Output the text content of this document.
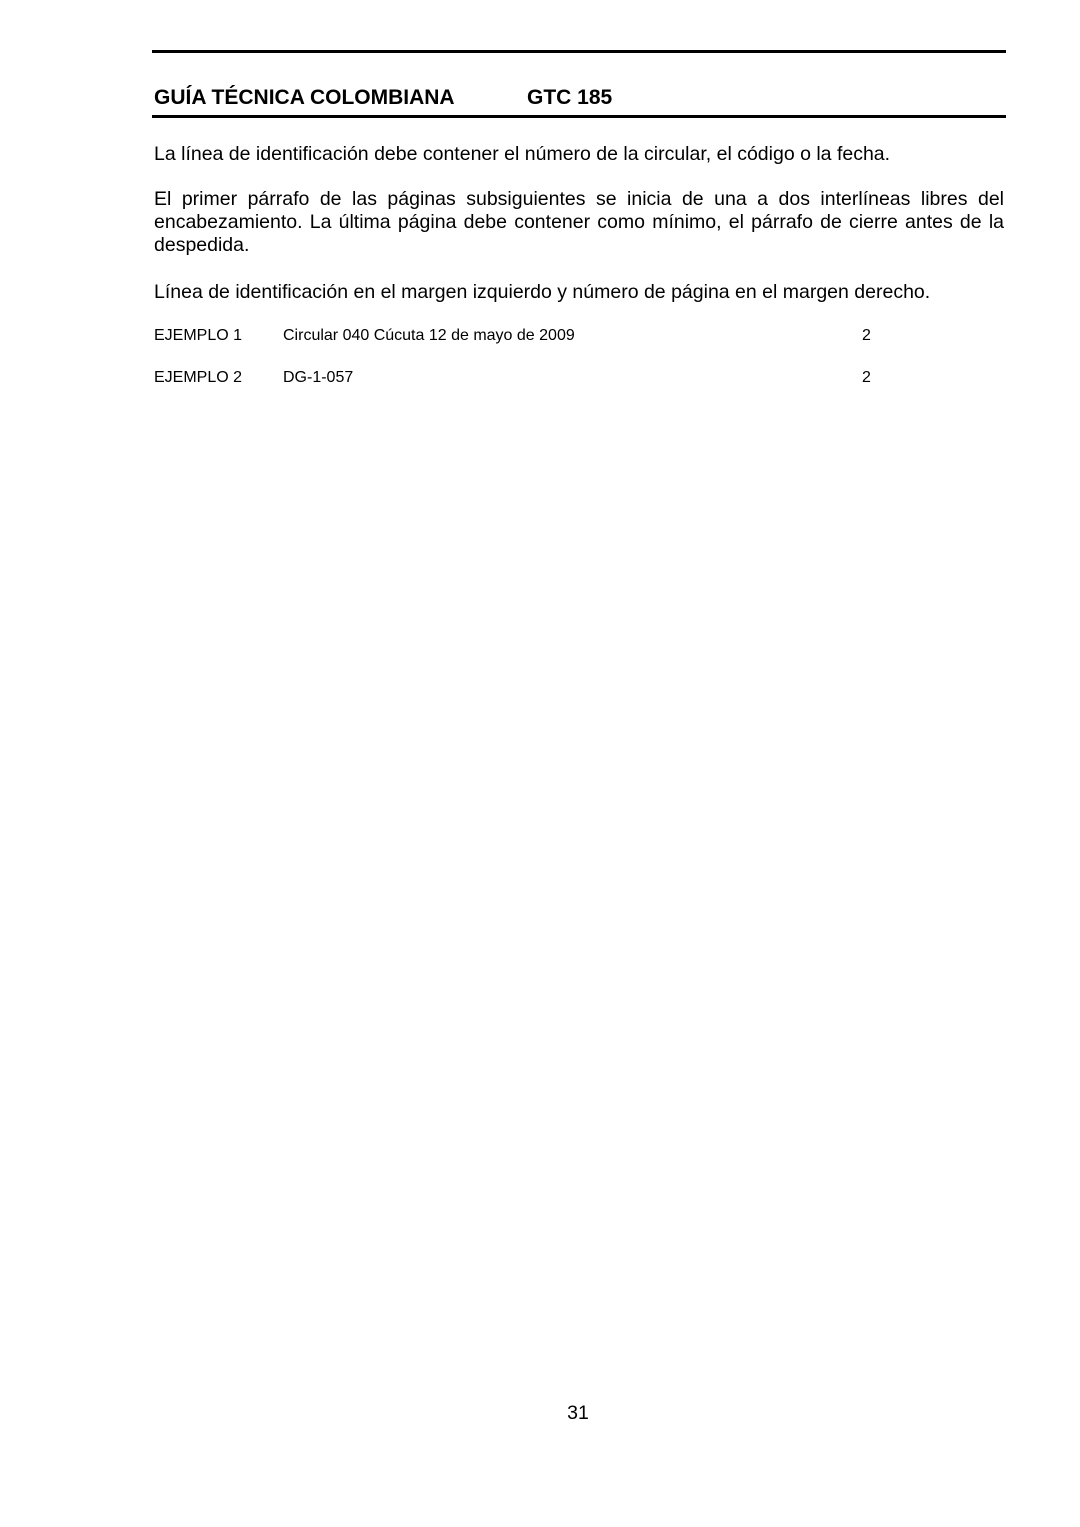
GUÍA TÉCNICA COLOMBIANA	GTC 185

La línea de identificación debe contener el número de la circular, el código o la fecha.

El primer párrafo de las páginas subsiguientes se inicia de una a dos interlíneas libres del encabezamiento. La última página debe contener como mínimo, el párrafo de cierre antes de la despedida.

Línea de identificación en el margen izquierdo y número de página en el margen derecho.

EJEMPLO 1	Circular 040 Cúcuta 12 de mayo de 2009	2
EJEMPLO 2	DG-1-057	2
31
